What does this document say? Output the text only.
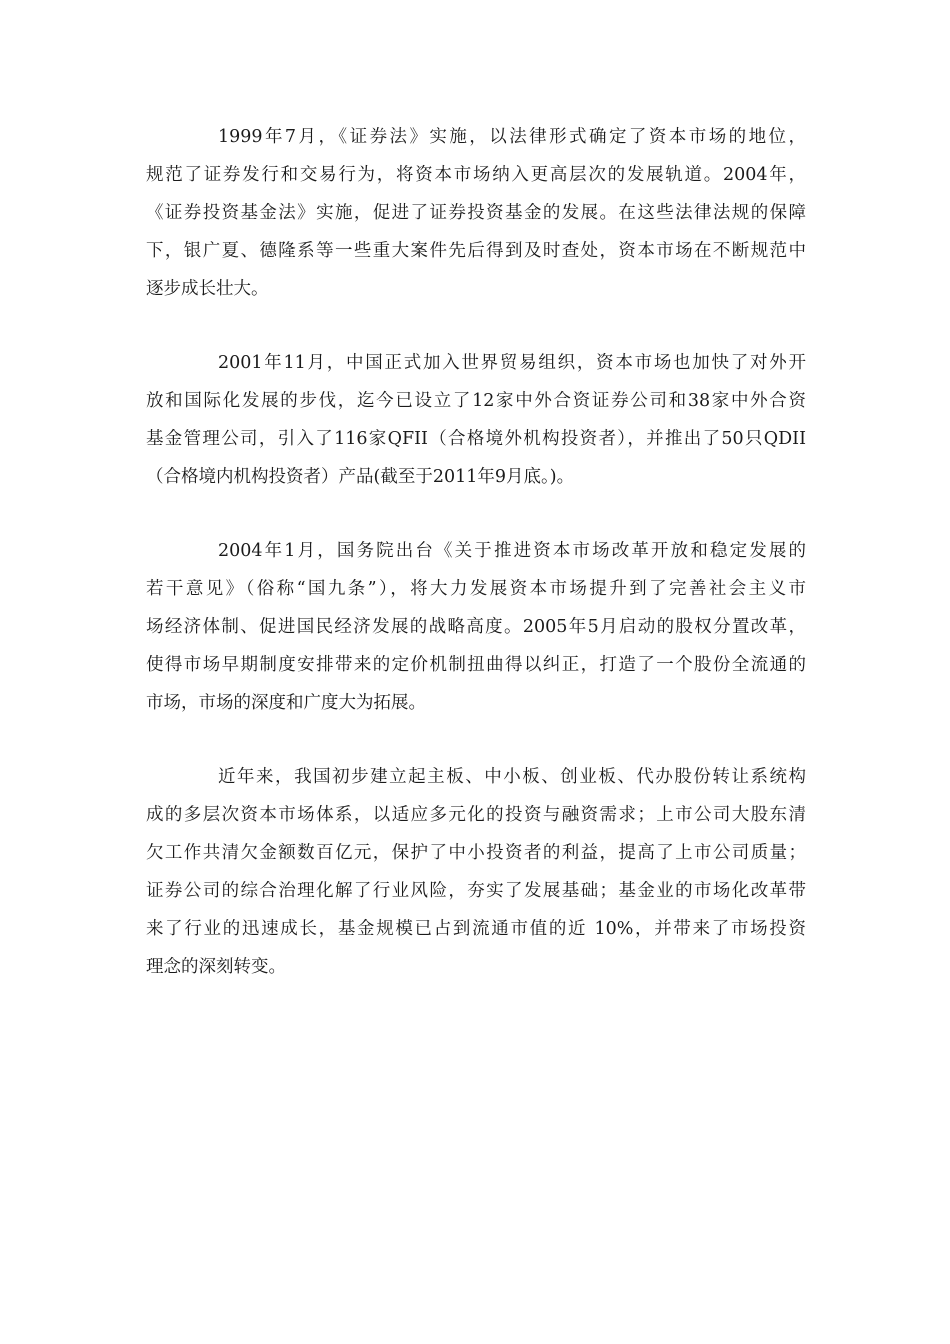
1999年7月，《证券法》实施，以法律形式确定了资本市场的地位，
规范了证券发行和交易行为，将资本市场纳入更高层次的发展轨道。2004年，
《证券投资基金法》实施，促进了证券投资基金的发展。在这些法律法规的保障
下，银广夏、德隆系等一些重大案件先后得到及时查处，资本市场在不断规范中
逐步成长壮大。

2001年11月，中国正式加入世界贸易组织，资本市场也加快了对外开
放和国际化发展的步伐，迄今已设立了12家中外合资证券公司和38家中外合资
基金管理公司，引入了116家QFII（合格境外机构投资者），并推出了50只QDII
（合格境内机构投资者）产品(截至于2011年9月底。)。

2004年1月，国务院出台《关于推进资本市场改革开放和稳定发展的
若干意见》（俗称“国九条”），将大力发展资本市场提升到了完善社会主义市
场经济体制、促进国民经济发展的战略高度。2005年5月启动的股权分置改革，
使得市场早期制度安排带来的定价机制扭曲得以纠正，打造了一个股份全流通的
市场，市场的深度和广度大为拓展。

近年来，我国初步建立起主板、中小板、创业板、代办股份转让系统构
成的多层次资本市场体系，以适应多元化的投资与融资需求；上市公司大股东清
欠工作共清欠金额数百亿元，保护了中小投资者的利益，提高了上市公司质量；
证券公司的综合治理化解了行业风险，夯实了发展基础；基金业的市场化改革带
来了行业的迅速成长，基金规模已占到流通市值的近 10%，并带来了市场投资
理念的深刻转变。
